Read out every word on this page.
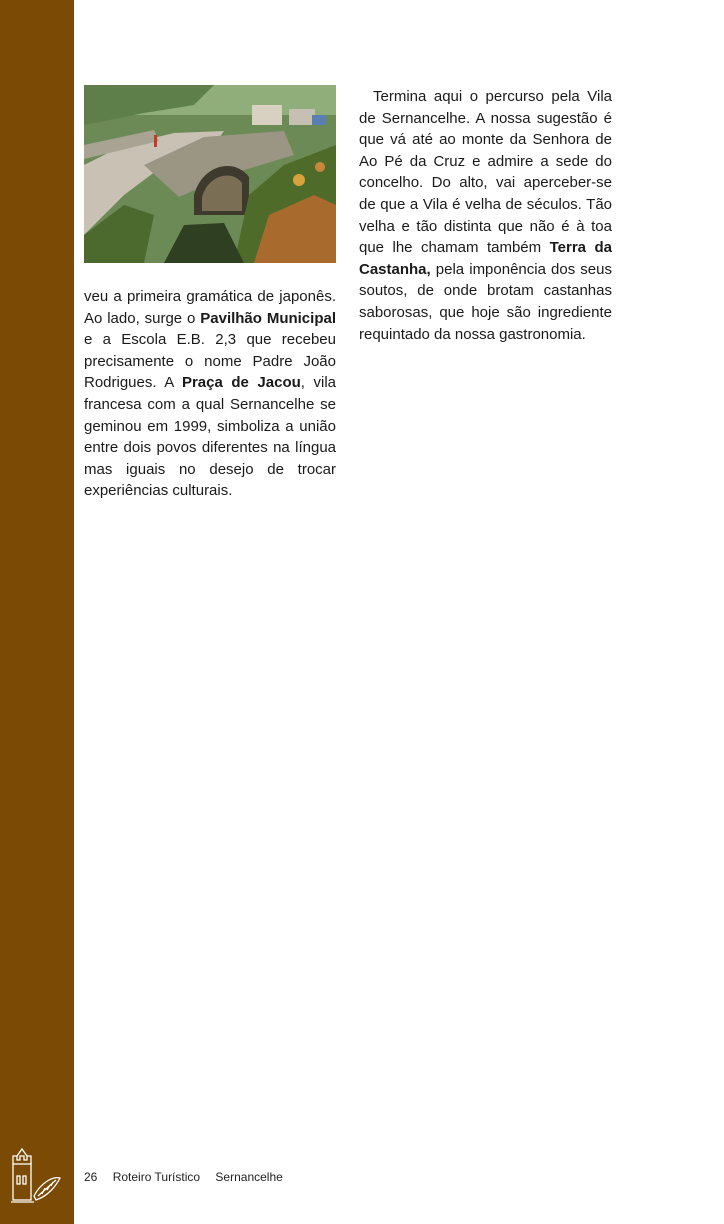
veu a primeira gramática de japonês. Ao lado, surge o Pavilhão Municipal e a Escola E.B. 2,3 que recebeu precisamente o nome Padre João Rodrigues. A Praça de Jacou, vila francesa com a qual Sernancelhe se geminou em 1999, simboliza a união entre dois povos diferentes na língua mas iguais no desejo de trocar experiências culturais.

Termina aqui o percurso pela Vila de Sernancelhe. A nossa sugestão é que vá até ao monte da Senhora de Ao Pé da Cruz e admire a sede do concelho. Do alto, vai aperceber-se de que a Vila é velha de séculos. Tão velha e tão distinta que não é à toa que lhe chamam também Terra da Castanha, pela imponência dos seus soutos, de onde brotam castanhas saborosas, que hoje são ingrediente requintado da nossa gastronomia.

26 Roteiro Turístico Sernancelhe
